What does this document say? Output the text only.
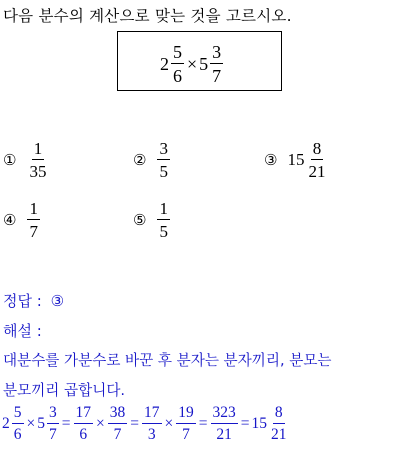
다음 분수의 계산으로 맞는 것을 고르시오.
$2 \frac{5}{6} \times 5 \frac{3}{7}$
① $\frac{1}{35}$	② $\frac{3}{5}$	③ $15 \frac{8}{21}$
④ $\frac{1}{7}$	⑤ $\frac{1}{5}$
정답 : ③
해설 :
대분수를 가분수로 바꾼 후 분자는 분자끼리, 분모는
분모끼리 곱합니다.
$2 \frac{5}{6} \times 5 \frac{3}{7} = \frac{17}{6} \times \frac{38}{7} = \frac{17}{3} \times \frac{19}{7} = \frac{323}{21} = 15 \frac{8}{21}$
